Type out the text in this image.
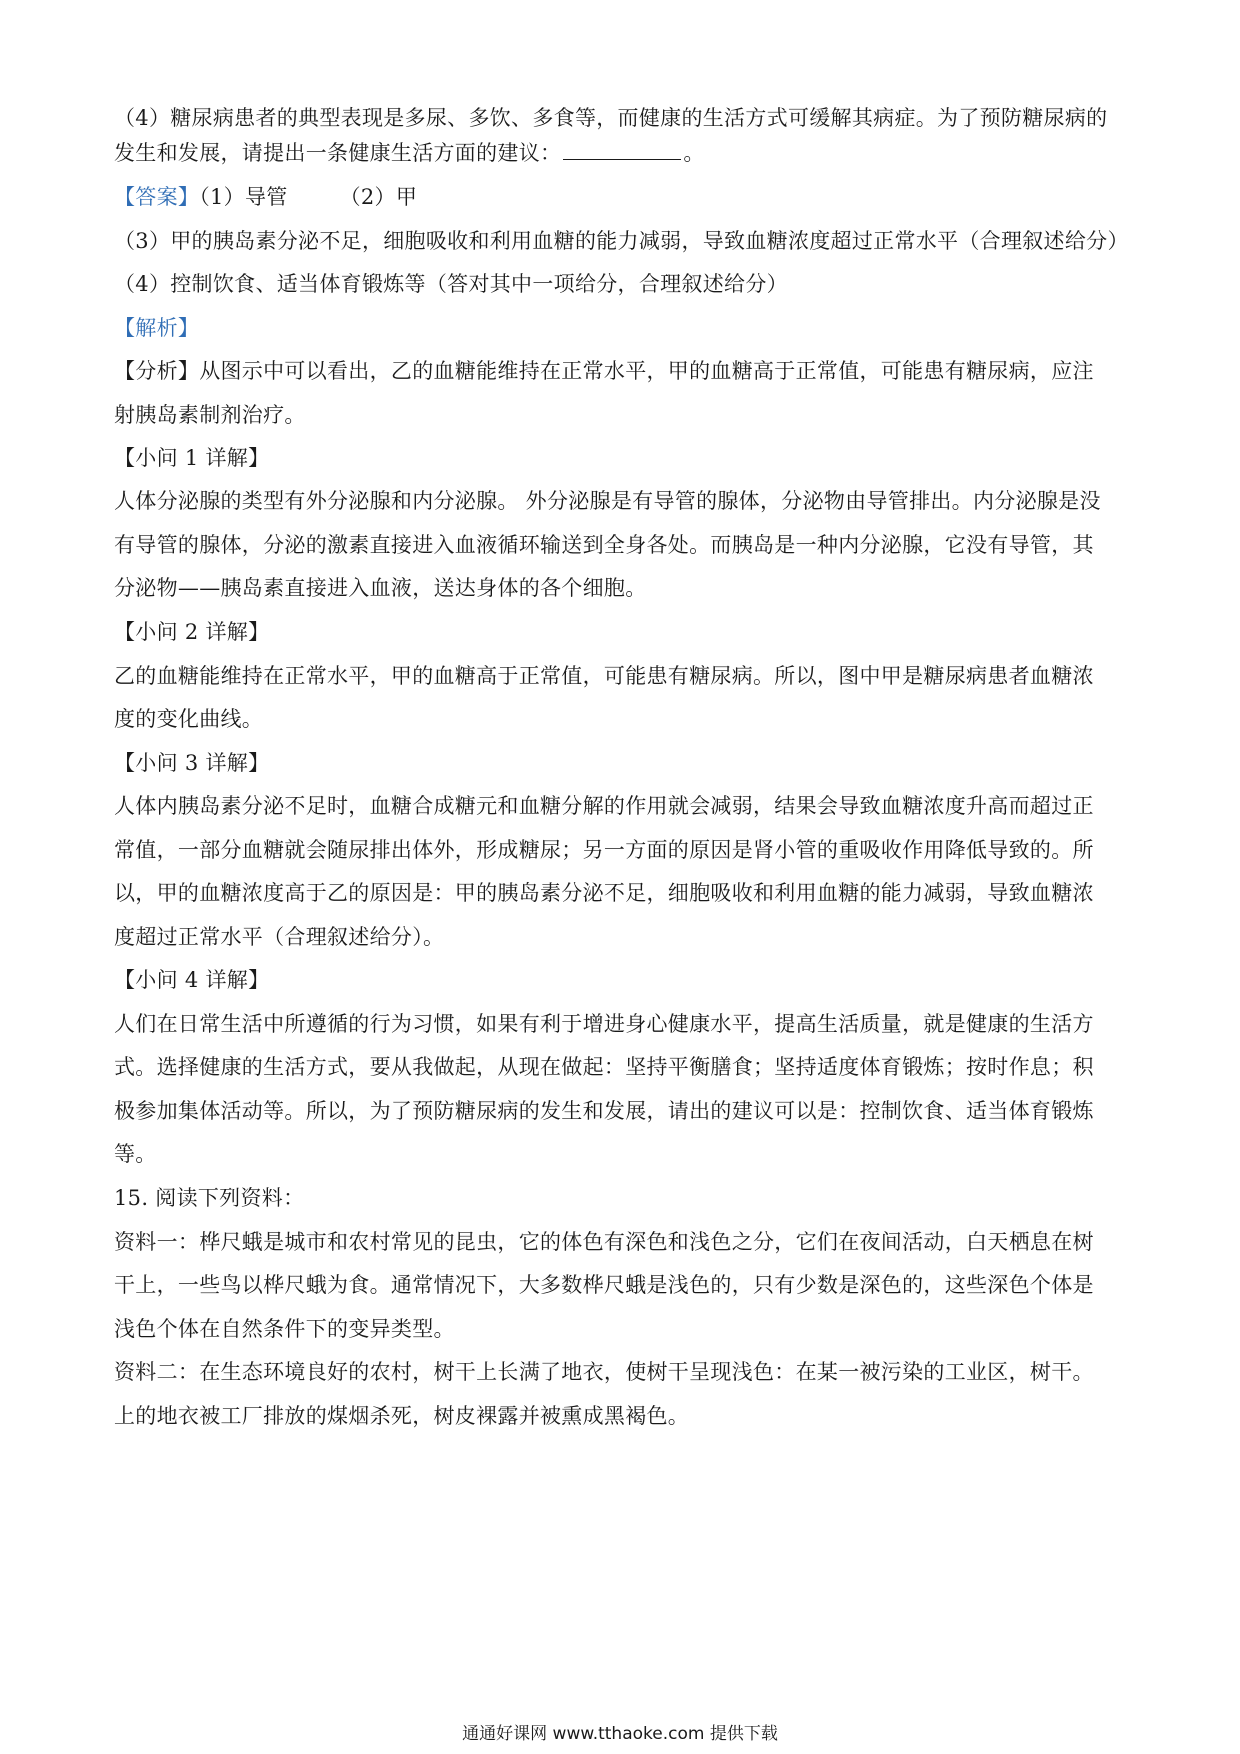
（4）糖尿病患者的典型表现是多尿、多饮、多食等，而健康的生活方式可缓解其病症。为了预防糖尿病的
发生和发展，请提出一条健康生活方面的建议：	。
【答案】（1）导管 （2）甲
（3）甲的胰岛素分泌不足，细胞吸收和利用血糖的能力减弱，导致血糖浓度超过正常水平（合理叙述给分）
（4）控制饮食、适当体育锻炼等（答对其中一项给分，合理叙述给分）
【解析】
【分析】从图示中可以看出，乙的血糖能维持在正常水平，甲的血糖高于正常值，可能患有糖尿病，应注
射胰岛素制剂治疗。
【小问 1 详解】
人体分泌腺的类型有外分泌腺和内分泌腺。 外分泌腺是有导管的腺体，分泌物由导管排出。内分泌腺是没
有导管的腺体，分泌的激素直接进入血液循环输送到全身各处。而胰岛是一种内分泌腺，它没有导管，其
分泌物——胰岛素直接进入血液，送达身体的各个细胞。
【小问 2 详解】
乙的血糖能维持在正常水平，甲的血糖高于正常值，可能患有糖尿病。所以，图中甲是糖尿病患者血糖浓
度的变化曲线。
【小问 3 详解】
人体内胰岛素分泌不足时，血糖合成糖元和血糖分解的作用就会减弱，结果会导致血糖浓度升高而超过正
常值，一部分血糖就会随尿排出体外，形成糖尿；另一方面的原因是肾小管的重吸收作用降低导致的。所
以，甲的血糖浓度高于乙的原因是：甲的胰岛素分泌不足，细胞吸收和利用血糖的能力减弱，导致血糖浓
度超过正常水平（合理叙述给分）。
【小问 4 详解】
人们在日常生活中所遵循的行为习惯，如果有利于增进身心健康水平，提高生活质量，就是健康的生活方
式。选择健康的生活方式，要从我做起，从现在做起：坚持平衡膳食；坚持适度体育锻炼；按时作息；积
极参加集体活动等。所以，为了预防糖尿病的发生和发展，请出的建议可以是：控制饮食、适当体育锻炼
等。
15. 阅读下列资料：
资料一：桦尺蛾是城市和农村常见的昆虫，它的体色有深色和浅色之分，它们在夜间活动，白天栖息在树
干上，一些鸟以桦尺蛾为食。通常情况下，大多数桦尺蛾是浅色的，只有少数是深色的，这些深色个体是
浅色个体在自然条件下的变异类型。
资料二：在生态环境良好的农村，树干上长满了地衣，使树干呈现浅色：在某一被污染的工业区，树干。
上的地衣被工厂排放的煤烟杀死，树皮裸露并被熏成黑褐色。
通通好课网 www.tthaoke.com 提供下载
